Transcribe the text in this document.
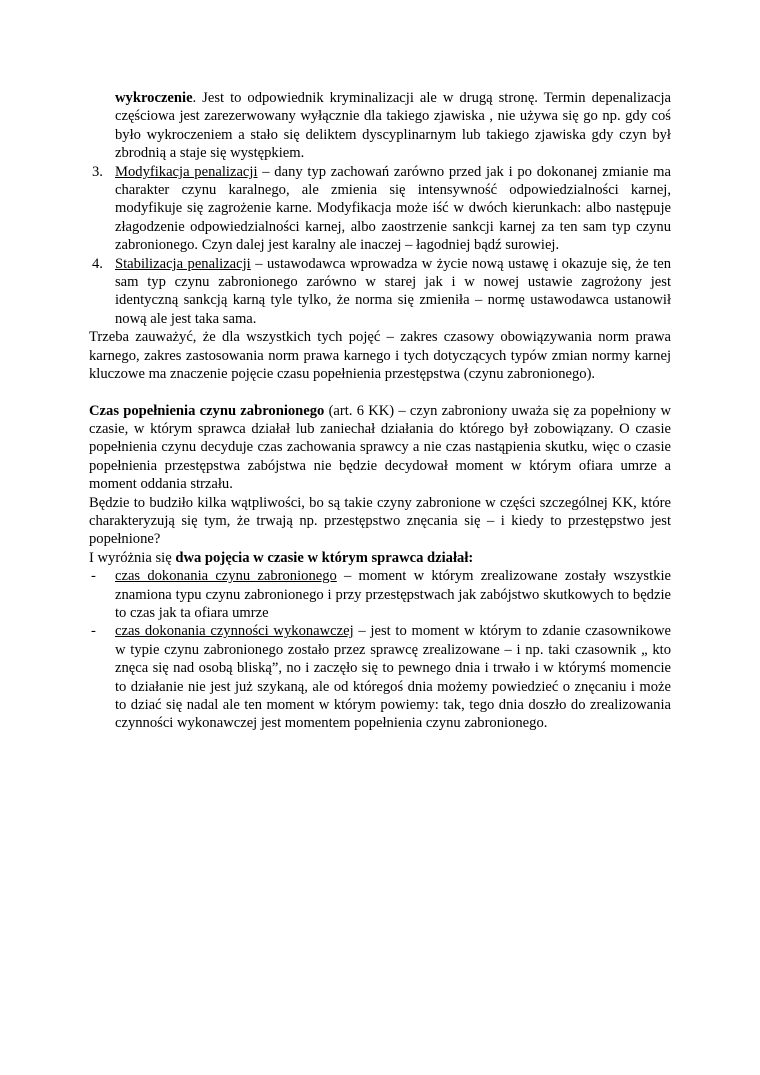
wykroczenie. Jest to odpowiednik kryminalizacji ale w drugą stronę. Termin depenalizacja częściowa jest zarezerwowany wyłącznie dla takiego zjawiska , nie używa się go np. gdy coś było wykroczeniem a stało się deliktem dyscyplinarnym lub takiego zjawiska gdy czyn był zbrodnią a staje się występkiem.
3. Modyfikacja penalizacji – dany typ zachowań zarówno przed jak i po dokonanej zmianie ma charakter czynu karalnego, ale zmienia się intensywność odpowiedzialności karnej, modyfikuje się zagrożenie karne. Modyfikacja może iść w dwóch kierunkach: albo następuje złagodzenie odpowiedzialności karnej, albo zaostrzenie sankcji karnej za ten sam typ czynu zabronionego. Czyn dalej jest karalny ale inaczej – łagodniej bądź surowiej.
4. Stabilizacja penalizacji – ustawodawca wprowadza w życie nową ustawę i okazuje się, że ten sam typ czynu zabronionego zarówno w starej jak i w nowej ustawie zagrożony jest identyczną sankcją karną tyle tylko, że norma się zmieniła – normę ustawodawca ustanowił nową ale jest taka sama.
Trzeba zauważyć, że dla wszystkich tych pojęć – zakres czasowy obowiązywania norm prawa karnego, zakres zastosowania norm prawa karnego i tych dotyczących typów zmian normy karnej kluczowe ma znaczenie pojęcie czasu popełnienia przestępstwa (czynu zabronionego).
Czas popełnienia czynu zabronionego (art. 6 KK) – czyn zabroniony uważa się za popełniony w czasie, w którym sprawca działał lub zaniechał działania do którego był zobowiązany. O czasie popełnienia czynu decyduje czas zachowania sprawcy a nie czas nastąpienia skutku, więc o czasie popełnienia przestępstwa zabójstwa nie będzie decydował moment w którym ofiara umrze a moment oddania strzału.
Będzie to budziło kilka wątpliwości, bo są takie czyny zabronione w części szczególnej KK, które charakteryzują się tym, że trwają np. przestępstwo znęcania się – i kiedy to przestępstwo jest popełnione?
I wyróżnia się dwa pojęcia w czasie w którym sprawca działał:
- czas dokonania czynu zabronionego – moment w którym zrealizowane zostały wszystkie znamiona typu czynu zabronionego i przy przestępstwach jak zabójstwo skutkowych to będzie to czas jak ta ofiara umrze
- czas dokonania czynności wykonawczej – jest to moment w którym to zdanie czasownikowe w typie czynu zabronionego zostało przez sprawcę zrealizowane – i np. taki czasownik „ kto znęca się nad osobą bliską”, no i zaczęło się to pewnego dnia i trwało i w którymś momencie to działanie nie jest już szykaną, ale od któregoś dnia możemy powiedzieć o znęcaniu i może to dziać się nadal ale ten moment w którym powiemy: tak, tego dnia doszło do zrealizowania czynności wykonawczej jest momentem popełnienia czynu zabronionego.
